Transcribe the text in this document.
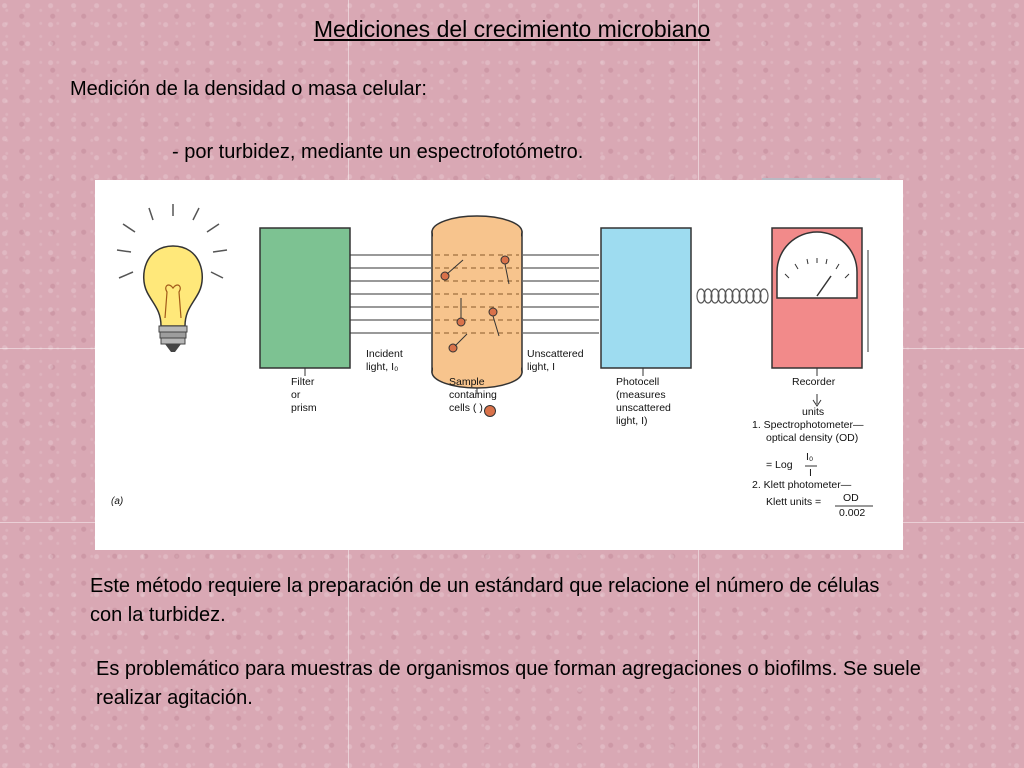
Mediciones del crecimiento microbiano
Medición de la densidad o masa celular:
- por turbidez, mediante un espectrofotómetro.
Filter
or
prism
Incident
light, I₀
Sample
containing
cells ( )
Unscattered
light, I
Photocell
(measures
unscattered
light, I)
Recorder
units
1. Spectrophotometer—
optical density (OD)
= Log
I₀
I
2. Klett photometer—
Klett units = OD
0.002
(a)
Este método requiere la preparación de un estándard que relacione el número de células con la turbidez.
Es problemático para muestras de organismos que forman agregaciones o biofilms. Se suele realizar agitación.
